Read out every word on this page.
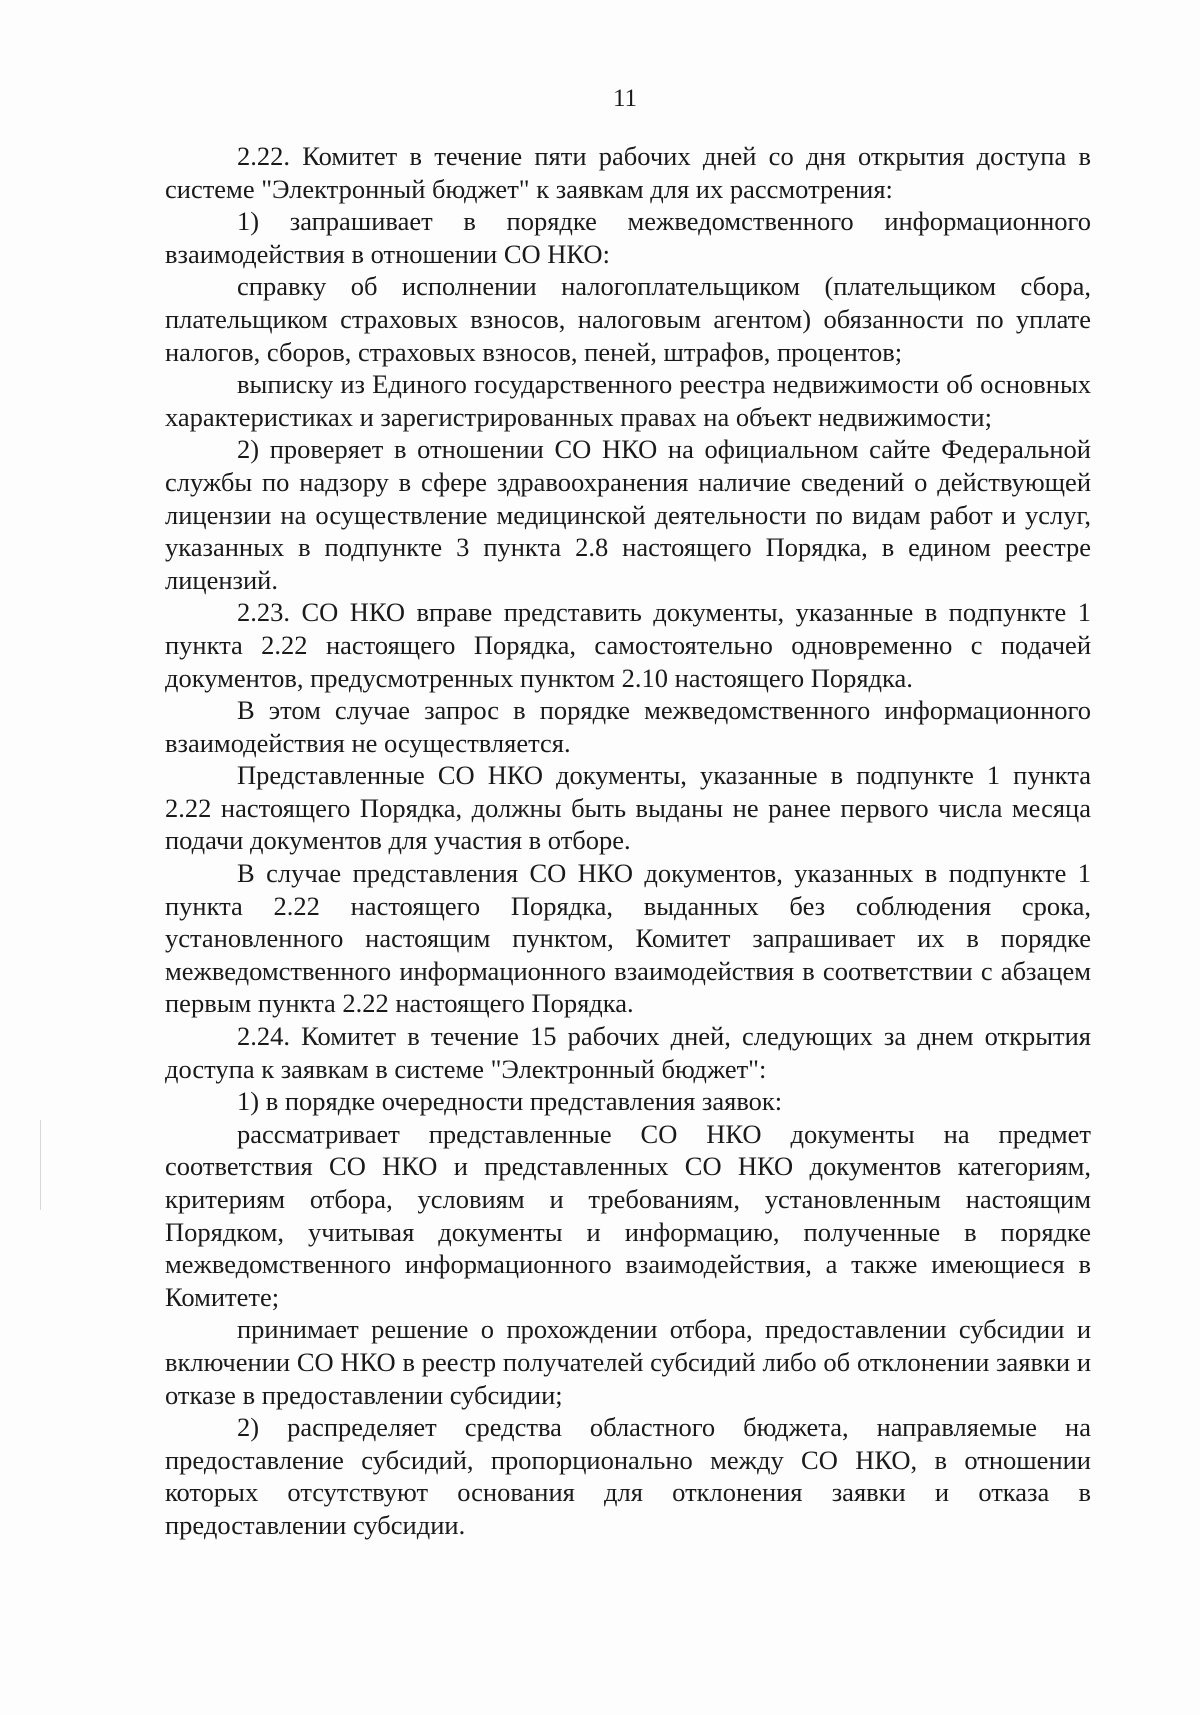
11

2.22. Комитет в течение пяти рабочих дней со дня открытия доступа в системе "Электронный бюджет" к заявкам для их рассмотрения:

1) запрашивает в порядке межведомственного информационного взаимодействия в отношении СО НКО:

справку об исполнении налогоплательщиком (плательщиком сбора, плательщиком страховых взносов, налоговым агентом) обязанности по уплате налогов, сборов, страховых взносов, пеней, штрафов, процентов;

выписку из Единого государственного реестра недвижимости об основных характеристиках и зарегистрированных правах на объект недвижимости;

2) проверяет в отношении СО НКО на официальном сайте Федеральной службы по надзору в сфере здравоохранения наличие сведений о действующей лицензии на осуществление медицинской деятельности по видам работ и услуг, указанных в подпункте 3 пункта 2.8 настоящего Порядка, в едином реестре лицензий.

2.23. СО НКО вправе представить документы, указанные в подпункте 1 пункта 2.22 настоящего Порядка, самостоятельно одновременно с подачей документов, предусмотренных пунктом 2.10 настоящего Порядка.

В этом случае запрос в порядке межведомственного информационного взаимодействия не осуществляется.

Представленные СО НКО документы, указанные в подпункте 1 пункта 2.22 настоящего Порядка, должны быть выданы не ранее первого числа месяца подачи документов для участия в отборе.

В случае представления СО НКО документов, указанных в подпункте 1 пункта 2.22 настоящего Порядка, выданных без соблюдения срока, установленного настоящим пунктом, Комитет запрашивает их в порядке межведомственного информационного взаимодействия в соответствии с абзацем первым пункта 2.22 настоящего Порядка.

2.24. Комитет в течение 15 рабочих дней, следующих за днем открытия доступа к заявкам в системе "Электронный бюджет":

1) в порядке очередности представления заявок:

рассматривает представленные СО НКО документы на предмет соответствия СО НКО и представленных СО НКО документов категориям, критериям отбора, условиям и требованиям, установленным настоящим Порядком, учитывая документы и информацию, полученные в порядке межведомственного информационного взаимодействия, а также имеющиеся в Комитете;

принимает решение о прохождении отбора, предоставлении субсидии и включении СО НКО в реестр получателей субсидий либо об отклонении заявки и отказе в предоставлении субсидии;

2) распределяет средства областного бюджета, направляемые на предоставление субсидий, пропорционально между СО НКО, в отношении которых отсутствуют основания для отклонения заявки и отказа в предоставлении субсидии.
